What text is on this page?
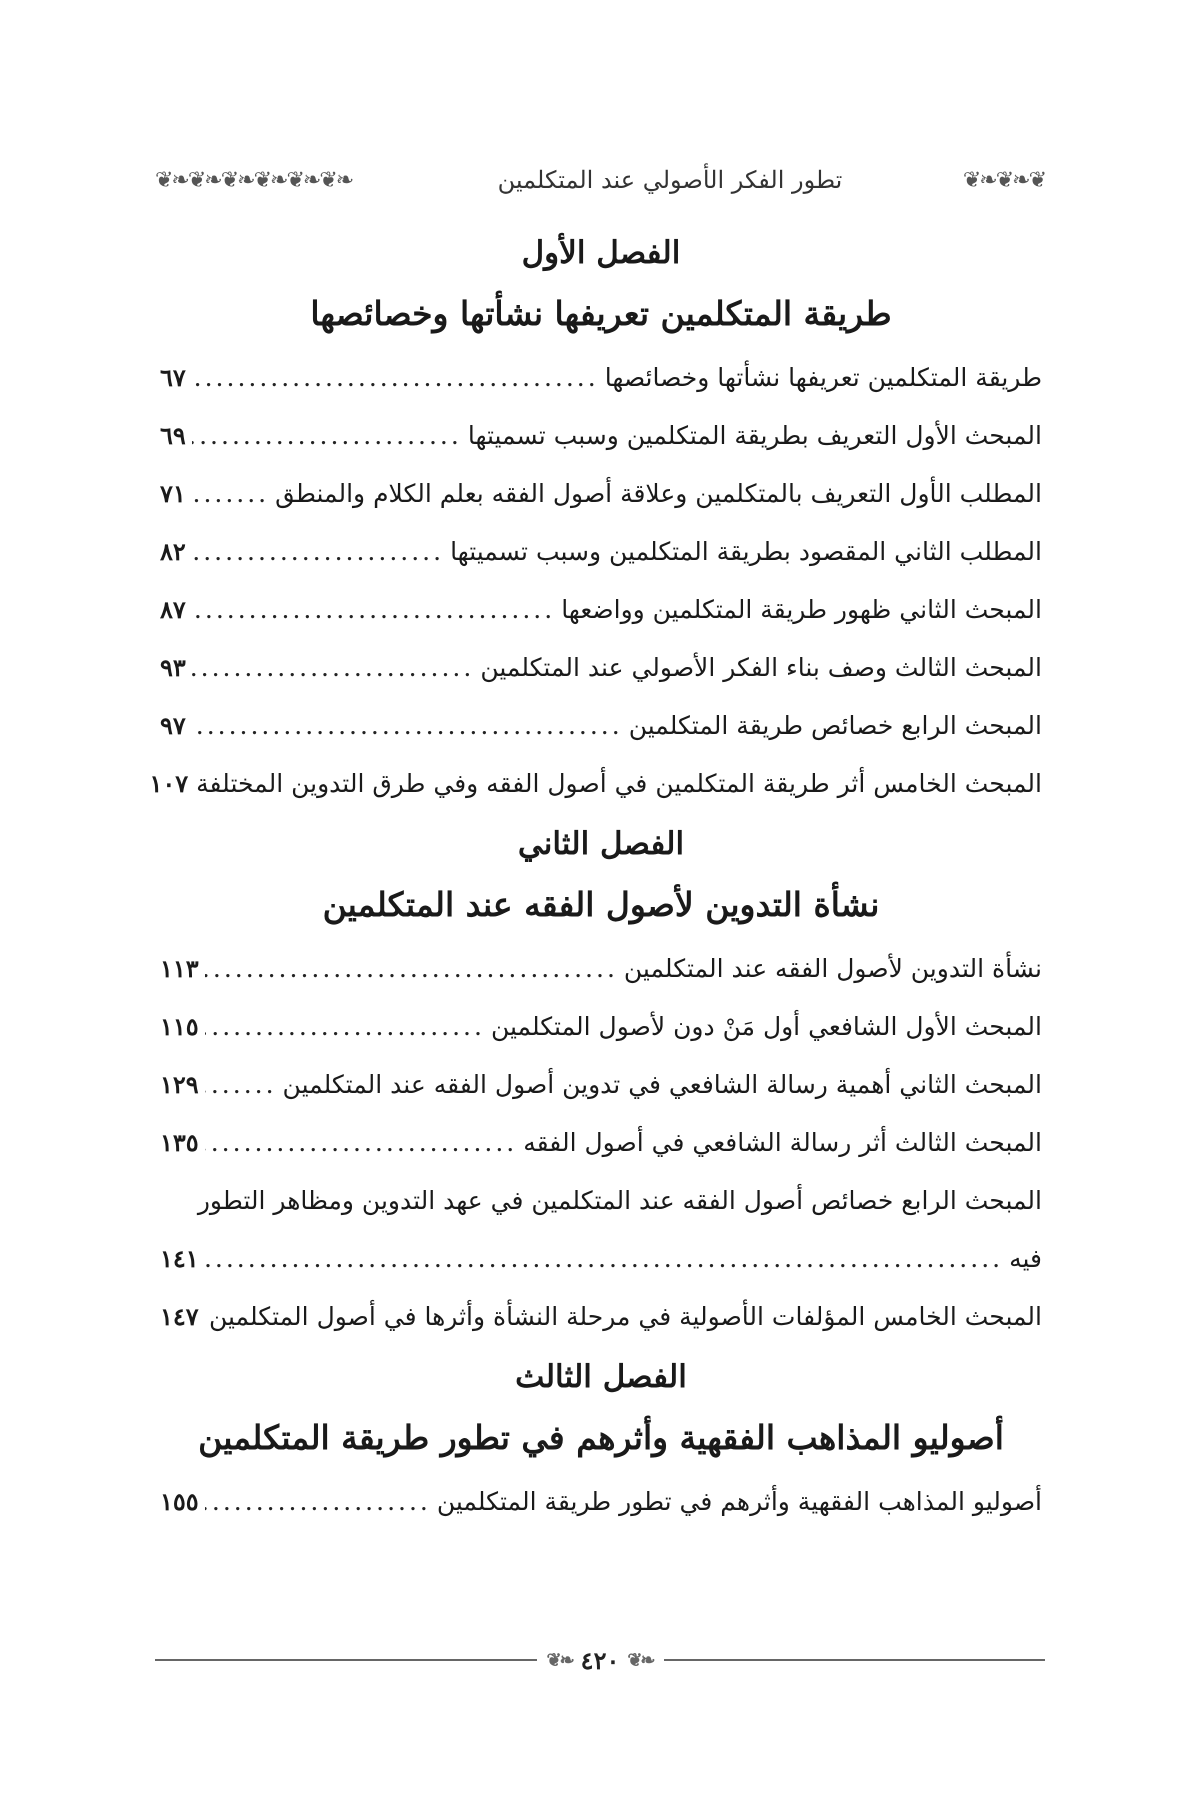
❦❧❦❧❦❧❦❧❦❧❦❧	تطور الفكر الأصولي عند المتكلمين	❦❧❦❧❦
الفصل الأول
طريقة المتكلمين تعريفها نشأتها وخصائصها
طريقة المتكلمين تعريفها نشأتها وخصائصها
.....
٦٧
المبحث الأول التعريف بطريقة المتكلمين وسبب تسميتها
.....
٦٩
المطلب الأول التعريف بالمتكلمين وعلاقة أصول الفقه بعلم الكلام والمنطق
.....
٧١
المطلب الثاني المقصود بطريقة المتكلمين وسبب تسميتها
.....
٨٢
المبحث الثاني ظهور طريقة المتكلمين وواضعها
.....
٨٧
المبحث الثالث وصف بناء الفكر الأصولي عند المتكلمين
.....
٩٣
المبحث الرابع خصائص طريقة المتكلمين
.....
٩٧
المبحث الخامس أثر طريقة المتكلمين في أصول الفقه وفي طرق التدوين المختلفة
١٠٧
الفصل الثاني
نشأة التدوين لأصول الفقه عند المتكلمين
نشأة التدوين لأصول الفقه عند المتكلمين
.....
١١٣
المبحث الأول الشافعي أول مَنْ دون لأصول المتكلمين
.....
١١٥
المبحث الثاني أهمية رسالة الشافعي في تدوين أصول الفقه عند المتكلمين
.....
١٢٩
المبحث الثالث أثر رسالة الشافعي في أصول الفقه
.....
١٣٥
المبحث الرابع خصائص أصول الفقه عند المتكلمين في عهد التدوين ومظاهر التطور
فيه
.....
١٤١
المبحث الخامس المؤلفات الأصولية في مرحلة النشأة وأثرها في أصول المتكلمين
١٤٧
الفصل الثالث
أصوليو المذاهب الفقهية وأثرهم في تطور طريقة المتكلمين
أصوليو المذاهب الفقهية وأثرهم في تطور طريقة المتكلمين
.....
١٥٥
❦❧ ٤٢٠ ❦❧
